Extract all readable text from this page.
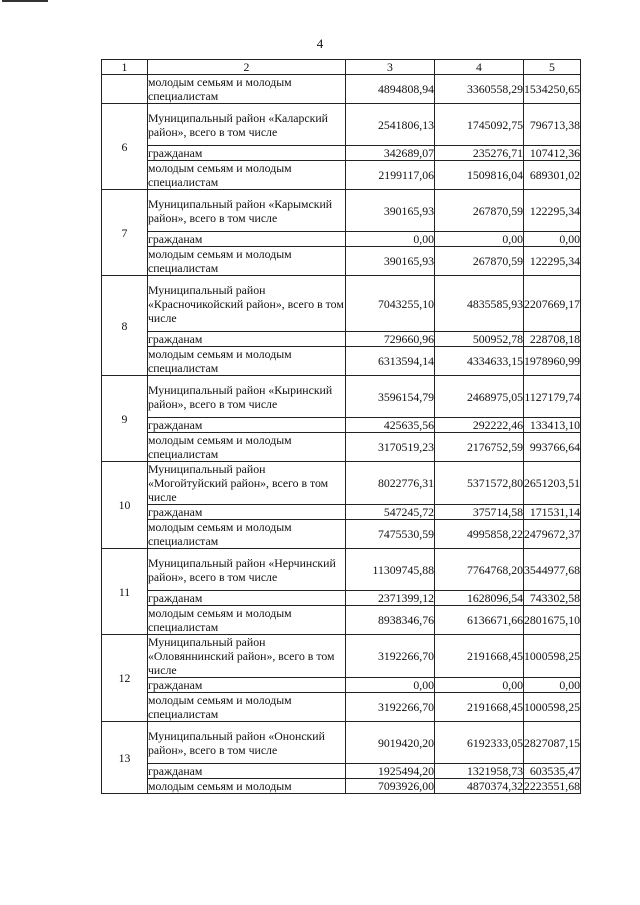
4
1	2	3	4	5
	молодым семьям и молодым специалистам	4894808,94	3360558,29	1534250,65
6	Муниципальный район «Каларский район», всего в том числе	2541806,13	1745092,75	796713,38
	гражданам	342689,07	235276,71	107412,36
	молодым семьям и молодым специалистам	2199117,06	1509816,04	689301,02
7	Муниципальный район «Карымский район», всего в том числе	390165,93	267870,59	122295,34
	гражданам	0,00	0,00	0,00
	молодым семьям и молодым специалистам	390165,93	267870,59	122295,34
8	Муниципальный район «Красночикойский район», всего в том числе	7043255,10	4835585,93	2207669,17
	гражданам	729660,96	500952,78	228708,18
	молодым семьям и молодым специалистам	6313594,14	4334633,15	1978960,99
9	Муниципальный район «Кыринский район», всего в том числе	3596154,79	2468975,05	1127179,74
	гражданам	425635,56	292222,46	133413,10
	молодым семьям и молодым специалистам	3170519,23	2176752,59	993766,64
10	Муниципальный район «Могойтуйский район», всего в том числе	8022776,31	5371572,80	2651203,51
	гражданам	547245,72	375714,58	171531,14
	молодым семьям и молодым специалистам	7475530,59	4995858,22	2479672,37
11	Муниципальный район «Нерчинский район», всего в том числе	11309745,88	7764768,20	3544977,68
	гражданам	2371399,12	1628096,54	743302,58
	молодым семьям и молодым специалистам	8938346,76	6136671,66	2801675,10
12	Муниципальный район «Оловяннинский район», всего в том числе	3192266,70	2191668,45	1000598,25
	гражданам	0,00	0,00	0,00
	молодым семьям и молодым специалистам	3192266,70	2191668,45	1000598,25
13	Муниципальный район «Ононский район», всего в том числе	9019420,20	6192333,05	2827087,15
	гражданам	1925494,20	1321958,73	603535,47
	молодым семьям и молодым	7093926,00	4870374,32	2223551,68
